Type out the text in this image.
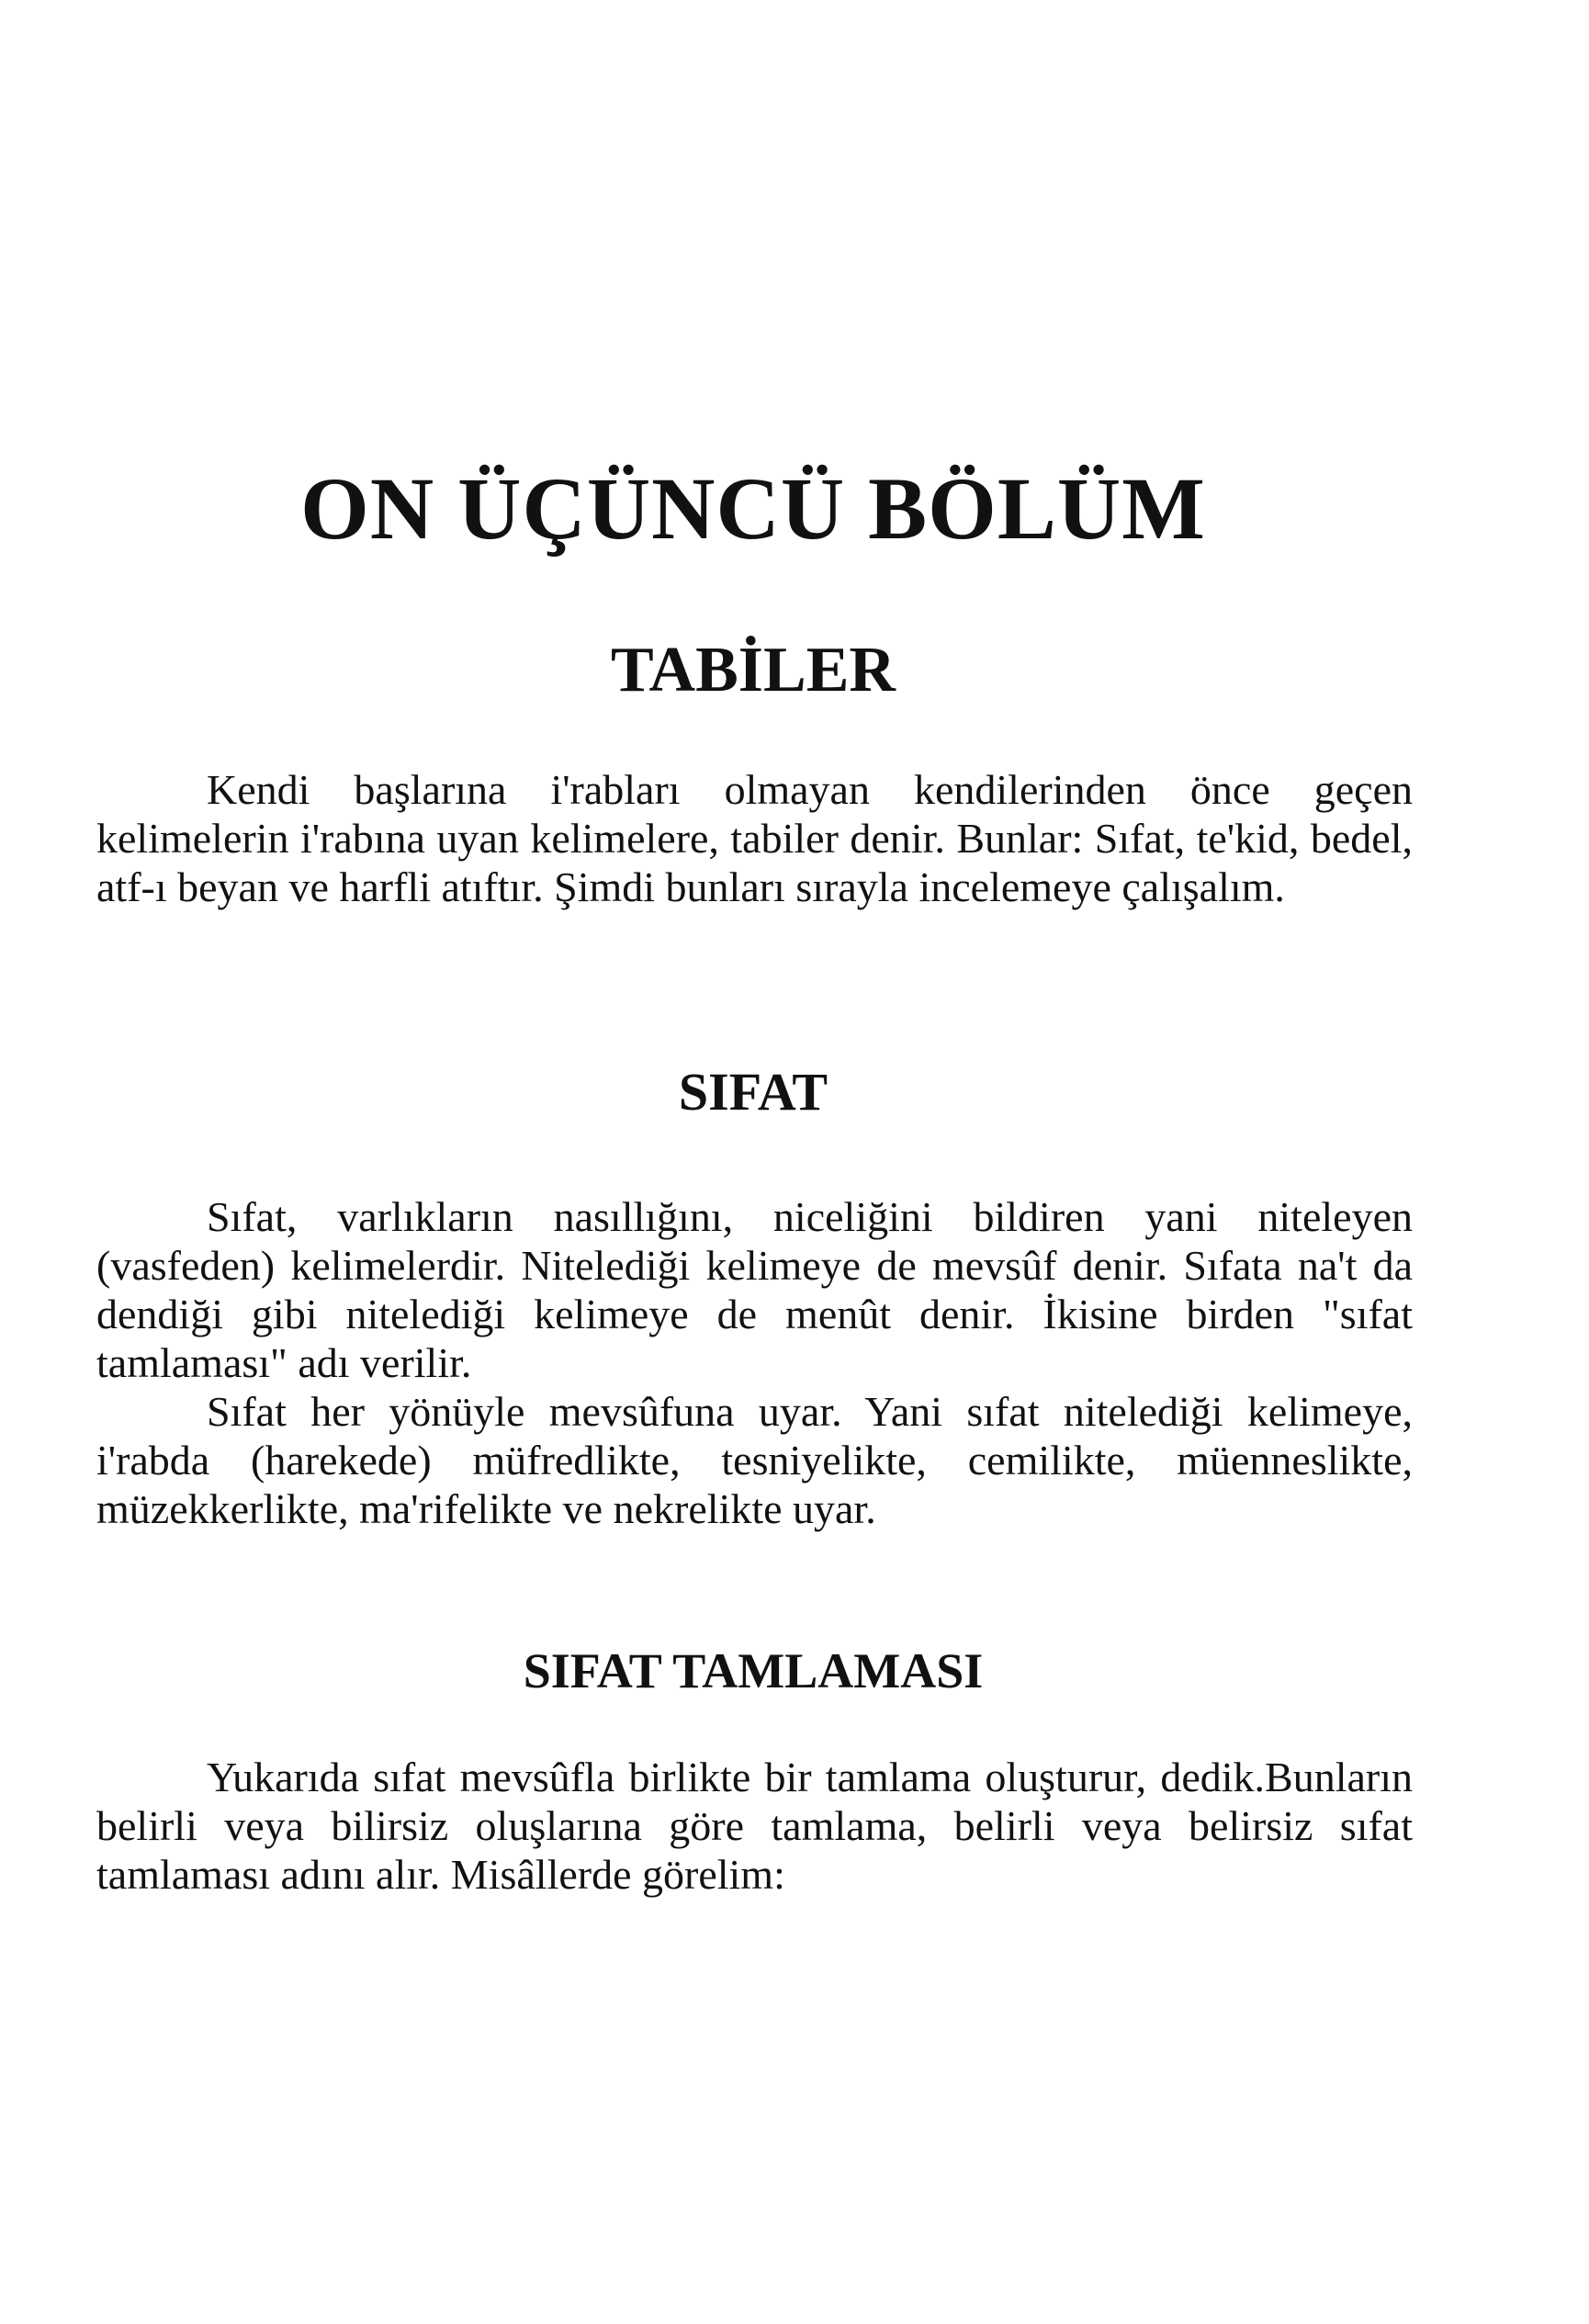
ON ÜÇÜNCÜ BÖLÜM
TABİLER

Kendi başlarına i'rabları olmayan kendilerinden önce geçen kelimelerin i'rabına uyan kelimelere, tabiler denir. Bunlar: Sıfat, te'kid, bedel, atf-ı beyan ve harfli atıftır. Şimdi bunları sırayla incelemeye çalışalım.

SIFAT

Sıfat, varlıkların nasıllığını, niceliğini bildiren yani niteleyen (vasfeden) kelimelerdir. Nitelediği kelimeye de mevsûf denir. Sıfata na't da dendiği gibi nitelediği kelimeye de menût denir. İkisine birden "sıfat tamlaması" adı verilir.

Sıfat her yönüyle mevsûfuna uyar. Yani sıfat nitelediği kelimeye, i'rabda (harekede) müfredlikte, tesniyelikte, cemilikte, müenneslikte, müzekkerlikte, ma'rifelikte ve nekrelikte uyar.

SIFAT TAMLAMASI

Yukarıda sıfat mevsûfla birlikte bir tamlama oluşturur, dedik.Bunların belirli veya bilirsiz oluşlarına göre tamlama, belirli veya belirsiz sıfat tamlaması adını alır. Misâllerde görelim:
